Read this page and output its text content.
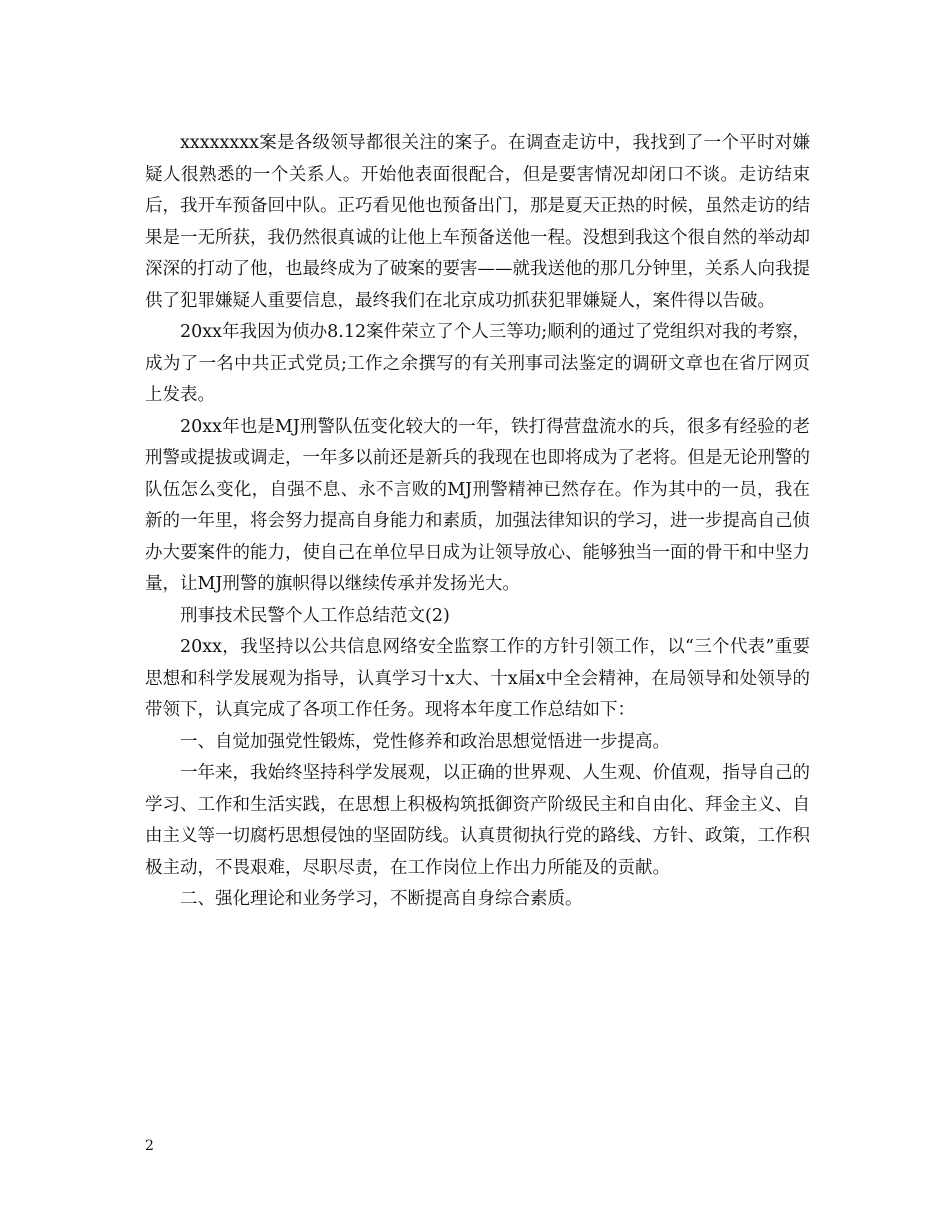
xxxxxxxx案是各级领导都很关注的案子。在调查走访中，我找到了一个平时对嫌疑人很熟悉的一个关系人。开始他表面很配合，但是要害情况却闭口不谈。走访结束后，我开车预备回中队。正巧看见他也预备出门，那是夏天正热的时候，虽然走访的结果是一无所获，我仍然很真诚的让他上车预备送他一程。没想到我这个很自然的举动却深深的打动了他，也最终成为了破案的要害——就我送他的那几分钟里，关系人向我提供了犯罪嫌疑人重要信息，最终我们在北京成功抓获犯罪嫌疑人，案件得以告破。

20xx年我因为侦办8.12案件荣立了个人三等功;顺利的通过了党组织对我的考察，成为了一名中共正式党员;工作之余撰写的有关刑事司法鉴定的调研文章也在省厅网页上发表。

20xx年也是MJ刑警队伍变化较大的一年，铁打得营盘流水的兵，很多有经验的老刑警或提拔或调走，一年多以前还是新兵的我现在也即将成为了老将。但是无论刑警的队伍怎么变化，自强不息、永不言败的MJ刑警精神已然存在。作为其中的一员，我在新的一年里，将会努力提高自身能力和素质，加强法律知识的学习，进一步提高自己侦办大要案件的能力，使自己在单位早日成为让领导放心、能够独当一面的骨干和中坚力量，让MJ刑警的旗帜得以继续传承并发扬光大。

刑事技术民警个人工作总结范文(2)

20xx，我坚持以公共信息网络安全监察工作的方针引领工作，以“三个代表”重要思想和科学发展观为指导，认真学习十x大、十x届x中全会精神，在局领导和处领导的带领下，认真完成了各项工作任务。现将本年度工作总结如下：

一、自觉加强党性锻炼，党性修养和政治思想觉悟进一步提高。

一年来，我始终坚持科学发展观，以正确的世界观、人生观、价值观，指导自己的学习、工作和生活实践，在思想上积极构筑抵御资产阶级民主和自由化、拜金主义、自由主义等一切腐朽思想侵蚀的坚固防线。认真贯彻执行党的路线、方针、政策，工作积极主动，不畏艰难，尽职尽责，在工作岗位上作出力所能及的贡献。

二、强化理论和业务学习，不断提高自身综合素质。

2
